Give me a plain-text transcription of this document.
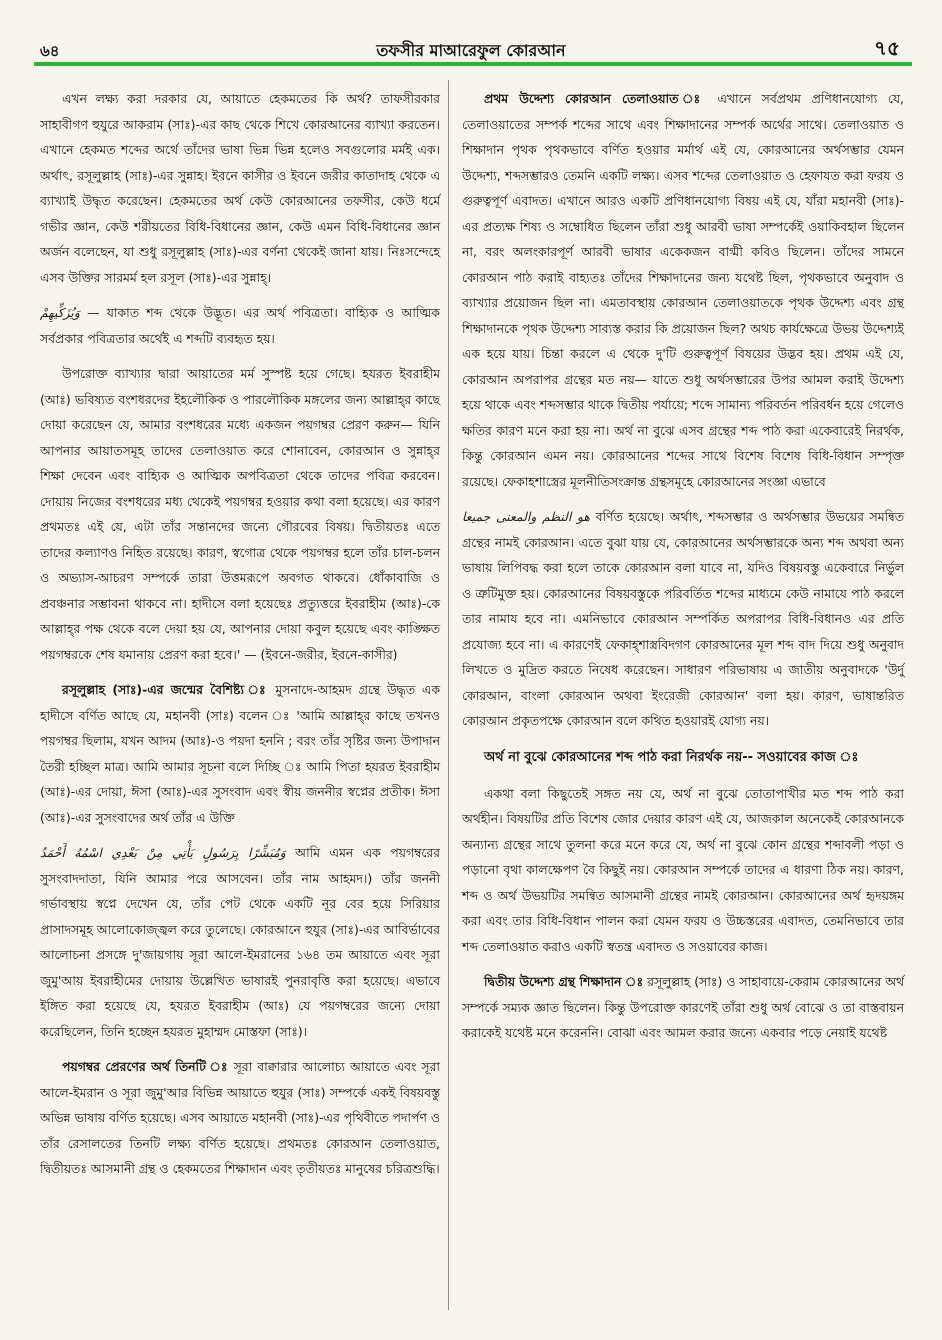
৬৪	তফসীর মাআরেফুল কোরআন	৭৫

এখন লক্ষ্য করা দরকার যে, আয়াতে হেকমতের কি অর্থ? তাফসীরকার সাহাবীগণ হুযুরে আকরাম (সাঃ)-এর কাছ থেকে শিখে কোরআনের ব্যাখ্যা করতেন। এখানে হেকমত শব্দের অর্থে তাঁদের ভাষা ভিন্ন ভিন্ন হলেও সবগুলোর মর্মই এক। অর্থাৎ, রসূলুল্লাহ (সাঃ)-এর সুন্নাহ। ইবনে কাসীর ও ইবনে জরীর কাতাদাহ থেকে এ ব্যাখ্যাই উদ্ধৃত করেছেন। হেকমতের অর্থ কেউ কোরআনের তফসীর, কেউ ধর্মে গভীর জ্ঞান, কেউ শরীয়তের বিধি-বিধানের জ্ঞান, কেউ এমন বিধি-বিধানের জ্ঞান অর্জন বলেছেন, যা শুধু রসূলুল্লাহ (সাঃ)-এর বর্ণনা থেকেই জানা যায়। নিঃসন্দেহে এসব উক্তির সারমর্ম হল রসূল (সাঃ)-এর সুন্নাহ্।

وَيُزَكِّيهِمْ — যাকাত শব্দ থেকে উদ্ভূত। এর অর্থ পবিত্রতা। বাহ্যিক ও আত্মিক সর্বপ্রকার পবিত্রতার অর্থেই এ শব্দটি ব্যবহৃত হয়।

উপরোক্ত ব্যাখ্যার দ্বারা আয়াতের মর্ম সুস্পষ্ট হয়ে গেছে। হযরত ইবরাহীম (আঃ) ভবিষ্যত বংশধরদের ইহলৌকিক ও পারলৌকিক মঙ্গলের জন্য আল্লাহ্‌র কাছে দোয়া করেছেন যে, আমার বংশধরের মধ্যে একজন পয়গম্বর প্রেরণ করুন— যিনি আপনার আয়াতসমূহ তাদের তেলাওয়াত করে শোনাবেন, কোরআন ও সুন্নাহ্‌র শিক্ষা দেবেন এবং বাহ্যিক ও আত্মিক অপবিত্রতা থেকে তাদের পবিত্র করবেন। দোয়ায় নিজের বংশধরের মধ্য থেকেই পয়গম্বর হওয়ার কথা বলা হয়েছে। এর কারণ প্রথমতঃ এই যে, এটা তাঁর সন্তানদের জন্যে গৌরবের বিষয়। দ্বিতীয়তঃ এতে তাদের কল্যাণও নিহিত রয়েছে। কারণ, স্বগোত্র থেকে পয়গম্বর হলে তাঁর চাল-চলন ও অভ্যাস-আচরণ সম্পর্কে তারা উত্তমরূপে অবগত থাকবে। ধোঁকাবাজি ও প্রবঞ্চনার সম্ভাবনা থাকবে না। হাদীসে বলা হয়েছেঃ প্রত্যুত্তরে ইবরাহীম (আঃ)-কে আল্লাহ্‌র পক্ষ থেকে বলে দেয়া হয় যে, আপনার দোয়া কবুল হয়েছে এবং কাঙ্ক্ষিত পয়গম্বরকে শেষ যমানায় প্রেরণ করা হবে।' — (ইবনে-জরীর, ইবনে-কাসীর)

রসূলুল্লাহ (সাঃ)-এর জন্মের বৈশিষ্ট্য ঃ মুসনাদে-আহমদ গ্রন্থে উদ্ধৃত এক হাদীসে বর্ণিত আছে যে, মহানবী (সাঃ) বলেন ঃ 'আমি আল্লাহ্‌র কাছে তখনও পয়গম্বর ছিলাম, যখন আদম (আঃ)-ও পয়দা হননি ; বরং তাঁর সৃষ্টির জন্য উপাদান তৈরী হচ্ছিল মাত্র। আমি আমার সূচনা বলে দিচ্ছি ঃ আমি পিতা হযরত ইবরাহীম (আঃ)-এর দোয়া, ঈসা (আঃ)-এর সুসংবাদ এবং স্বীয় জননীর স্বপ্নের প্রতীক। ঈসা (আঃ)-এর সুসংবাদের অর্থ তাঁর এ উক্তি

وَمُبَشِّرًا بِرَسُولٍ يَأْتِي مِنْ بَعْدِي اسْمُهُ أَحْمَدُ আমি এমন এক পয়গম্বরের সুসংবাদদাতা, যিনি আমার পরে আসবেন। তাঁর নাম আহমদ।) তাঁর জননী গর্ভাবস্থায় স্বপ্নে দেখেন যে, তাঁর পেট থেকে একটি নূর বের হয়ে সিরিয়ার প্রাসাদসমূহ আলোকোজ্জ্বল করে তুলেছে। কোরআনে হুযুর (সাঃ)-এর আবির্ভাবের আলোচনা প্রসঙ্গে দু'জায়গায় সূরা আলে-ইমরানের ১৬৪ তম আয়াতে এবং সূরা জুমু'আয় ইবরাহীমের দোয়ায় উল্লেখিত ভাষারই পুনরাবৃত্তি করা হয়েছে। এভাবে ইঙ্গিত করা হয়েছে যে, হযরত ইবরাহীম (আঃ) যে পয়গম্বরের জন্যে দোয়া করেছিলেন, তিনি হচ্ছেন হযরত মুহাম্মদ মোস্তফা (সাঃ)।

পয়গম্বর প্রেরণের অর্থ তিনটি ঃ সূরা বাক্বারার আলোচ্য আয়াতে এবং সূরা আলে-ইমরান ও সূরা জুমু'আর বিভিন্ন আয়াতে হুযুর (সাঃ) সম্পর্কে একই বিষয়বস্তু অভিন্ন ভাষায় বর্ণিত হয়েছে। এসব আয়াতে মহানবী (সাঃ)-এর পৃথিবীতে পদার্পণ ও তাঁর রেসালতের তিনটি লক্ষ্য বর্ণিত হয়েছে। প্রথমতঃ কোরআন তেলাওয়াত, দ্বিতীয়তঃ আসমানী গ্রন্থ ও হেকমতের শিক্ষাদান এবং তৃতীয়তঃ মানুষের চরিত্রশুদ্ধি।

প্রথম উদ্দেশ্য কোরআন তেলাওয়াত ঃ এখানে সর্বপ্রথম প্রণিধানযোগ্য যে, তেলাওয়াতের সম্পর্ক শব্দের সাথে এবং শিক্ষাদানের সম্পর্ক অর্থের সাথে। তেলাওয়াত ও শিক্ষাদান পৃথক পৃথকভাবে বর্ণিত হওয়ার মর্মার্থ এই যে, কোরআনের অর্থসম্ভার যেমন উদ্দেশ্য, শব্দসম্ভারও তেমনি একটি লক্ষ্য। এসব শব্দের তেলাওয়াত ও হেফাযত করা ফরয ও গুরুত্বপূর্ণ এবাদত। এখানে আরও একটি প্রণিধানযোগ্য বিষয় এই যে, যাঁরা মহানবী (সাঃ)-এর প্রত্যক্ষ শিষ্য ও সম্বোধিত ছিলেন তাঁরা শুধু আরবী ভাষা সম্পর্কেই ওয়াকিবহাল ছিলেন না, বরং অলংকারপূর্ণ আরবী ভাষার একেকজন বাগ্মী কবিও ছিলেন। তাঁদের সামনে কোরআন পাঠ করাই বাহ্যতঃ তাঁদের শিক্ষাদানের জন্য যথেষ্ট ছিল, পৃথকভাবে অনুবাদ ও ব্যাখ্যার প্রয়োজন ছিল না। এমতাবস্থায় কোরআন তেলাওয়াতকে পৃথক উদ্দেশ্য এবং গ্রন্থ শিক্ষাদানকে পৃথক উদ্দেশ্য সাব্যস্ত করার কি প্রয়োজন ছিল? অথচ কার্যক্ষেত্রে উভয় উদ্দেশ্যই এক হয়ে যায়। চিন্তা করলে এ থেকে দু'টি গুরুত্বপূর্ণ বিষয়ের উদ্ভব হয়। প্রথম এই যে, কোরআন অপরাপর গ্রন্থের মত নয়— যাতে শুধু অর্থসম্ভারের উপর আমল করাই উদ্দেশ্য হয়ে থাকে এবং শব্দসম্ভার থাকে দ্বিতীয় পর্যায়ে; শব্দে সামান্য পরিবর্তন পরিবর্ধন হয়ে গেলেও ক্ষতির কারণ মনে করা হয় না। অর্থ না বুঝে এসব গ্রন্থের শব্দ পাঠ করা একেবারেই নিরর্থক, কিন্তু কোরআন এমন নয়। কোরআনের শব্দের সাথে বিশেষ বিশেষ বিধি-বিধান সম্পৃক্ত রয়েছে। ফেকাহশাস্ত্রের মূলনীতিসংক্রান্ত গ্রন্থসমূহে কোরআনের সংজ্ঞা এভাবে

هو النظم والمعنى جميعا বর্ণিত হয়েছে। অর্থাৎ, শব্দসম্ভার ও অর্থসম্ভার উভয়ের সমন্বিত গ্রন্থের নামই কোরআন। এতে বুঝা যায় যে, কোরআনের অর্থসম্ভারকে অন্য শব্দ অথবা অন্য ভাষায় লিপিবদ্ধ করা হলে তাকে কোরআন বলা যাবে না, যদিও বিষয়বস্তু একেবারে নির্ভুল ও ত্রুটিমুক্ত হয়। কোরআনের বিষয়বস্তুকে পরিবর্তিত শব্দের মাধ্যমে কেউ নামাযে পাঠ করলে তার নামায হবে না। এমনিভাবে কোরআন সম্পর্কিত অপরাপর বিধি-বিধানও এর প্রতি প্রযোজ্য হবে না। এ কারণেই ফেকাহ্‌শাস্ত্রবিদগণ কোরআনের মূল শব্দ বাদ দিয়ে শুধু অনুবাদ লিখতে ও মুদ্রিত করতে নিষেধ করেছেন। সাধারণ পরিভাষায় এ জাতীয় অনুবাদকে 'উর্দু কোরআন, বাংলা কোরআন অথবা ইংরেজী কোরআন' বলা হয়। কারণ, ভাষান্তরিত কোরআন প্রকৃতপক্ষে কোরআন বলে কথিত হওয়ারই যোগ্য নয়।

অর্থ না বুঝে কোরআনের শব্দ পাঠ করা নিরর্থক নয়-- সওয়াবের কাজ ঃ

একথা বলা কিছুতেই সঙ্গত নয় যে, অর্থ না বুঝে তোতাপাখীর মত শব্দ পাঠ করা অর্থহীন। বিষয়টির প্রতি বিশেষ জোর দেয়ার কারণ এই যে, আজকাল অনেকেই কোরআনকে অন্যান্য গ্রন্থের সাথে তুলনা করে মনে করে যে, অর্থ না বুঝে কোন গ্রন্থের শব্দাবলী পড়া ও পড়ানো বৃথা কালক্ষেপণ বৈ কিছুই নয়। কোরআন সম্পর্কে তাদের এ ধারণা ঠিক নয়। কারণ, শব্দ ও অর্থ উভয়টির সমন্বিত আসমানী গ্রন্থের নামই কোরআন। কোরআনের অর্থ হৃদয়ঙ্গম করা এবং তার বিধি-বিধান পালন করা যেমন ফরয ও উচ্চস্তরের এবাদত, তেমনিভাবে তার শব্দ তেলাওয়াত করাও একটি স্বতন্ত্র এবাদত ও সওয়াবের কাজ।

দ্বিতীয় উদ্দেশ্য গ্রন্থ শিক্ষাদান ঃ রসূলুল্লাহ (সাঃ) ও সাহাবায়ে-কেরাম কোরআনের অর্থ সম্পর্কে সম্যক জ্ঞাত ছিলেন। কিন্তু উপরোক্ত কারণেই তাঁরা শুধু অর্থ বোঝে ও তা বাস্তবায়ন করাকেই যথেষ্ট মনে করেননি। বোঝা এবং আমল করার জন্যে একবার পড়ে নেয়াই যথেষ্ট
